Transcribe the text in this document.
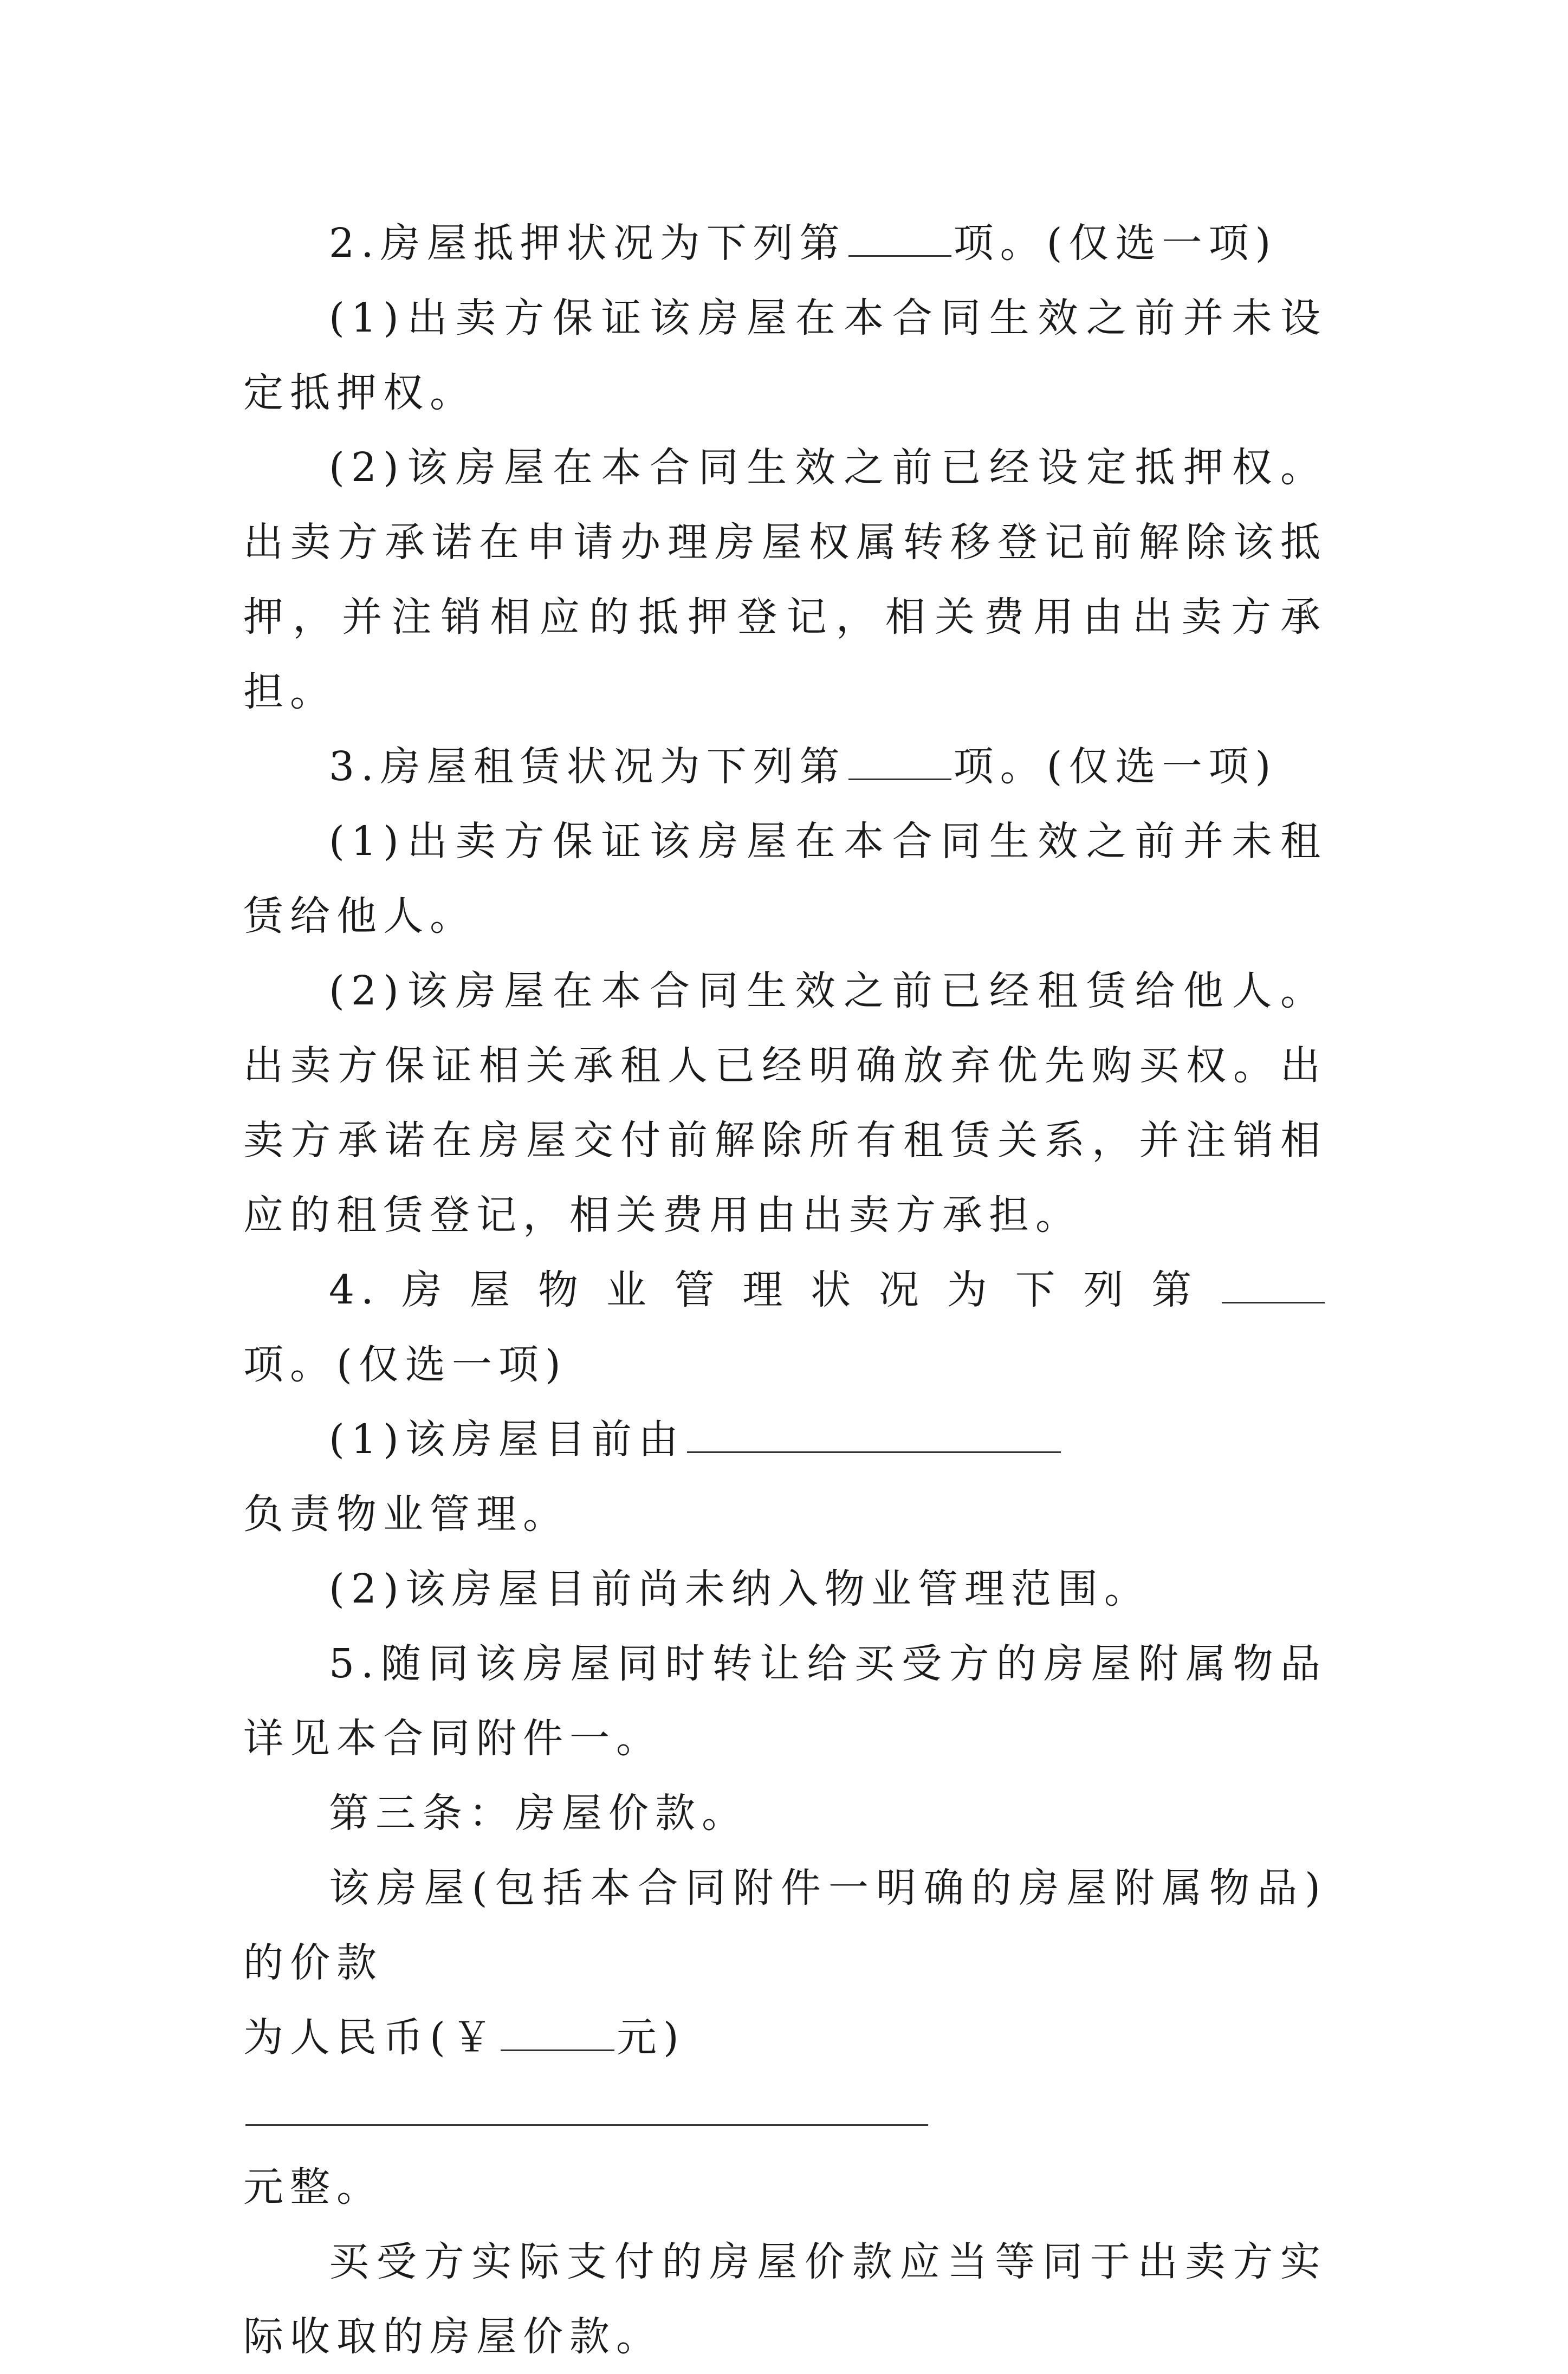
2.房屋抵押状况为下列第	项。(仅选一项)

(1)出卖方保证该房屋在本合同生效之前并未设定抵押权。

(2)该房屋在本合同生效之前已经设定抵押权。出卖方承诺在申请办理房屋权属转移登记前解除该抵押，并注销相应的抵押登记，相关费用由出卖方承担。

3.房屋租赁状况为下列第	项。(仅选一项)

(1)出卖方保证该房屋在本合同生效之前并未租赁给他人。

(2)该房屋在本合同生效之前已经租赁给他人。出卖方保证相关承租人已经明确放弃优先购买权。出卖方承诺在房屋交付前解除所有租赁关系，并注销相应的租赁登记，相关费用由出卖方承担。

4.房屋物业管理状况为下列第项。(仅选一项)

(1)该房屋目前由负责物业管理。

(2)该房屋目前尚未纳入物业管理范围。

5.随同该房屋同时转让给买受方的房屋附属物品详见本合同附件一。

第三条：房屋价款。

该房屋(包括本合同附件一明确的房屋附属物品)的价款

为人民币(￥	元)
元整。

买受方实际支付的房屋价款应当等同于出卖方实际收取的房屋价款。
